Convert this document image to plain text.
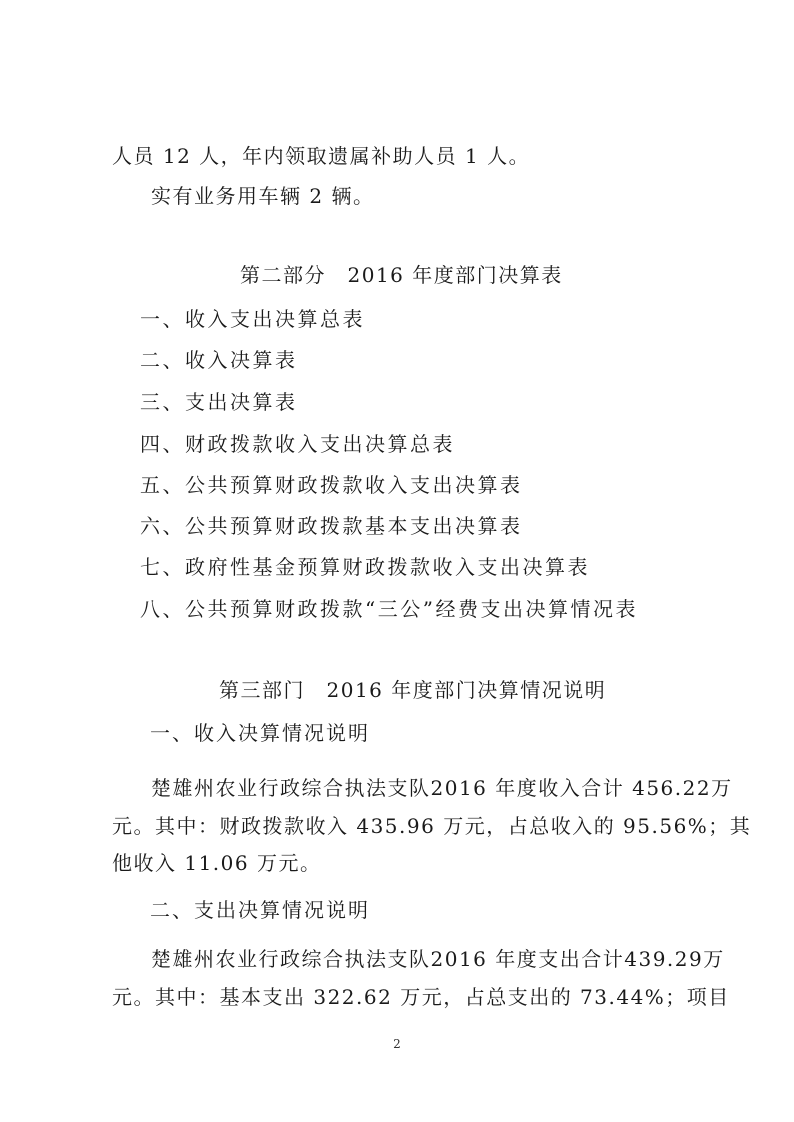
人员 12 人，年内领取遗属补助人员 1 人。
实有业务用车辆 2 辆。
第二部分　2016 年度部门决算表
一、收入支出决算总表
二、收入决算表
三、支出决算表
四、财政拨款收入支出决算总表
五、公共预算财政拨款收入支出决算表
六、公共预算财政拨款基本支出决算表
七、政府性基金预算财政拨款收入支出决算表
八、公共预算财政拨款“三公”经费支出决算情况表
第三部门　2016 年度部门决算情况说明
一、收入决算情况说明
楚雄州农业行政综合执法支队2016 年度收入合计 456.22万
元。其中：财政拨款收入 435.96 万元，占总收入的 95.56%；其
他收入 11.06 万元。
二、支出决算情况说明
楚雄州农业行政综合执法支队2016 年度支出合计439.29万
元。其中：基本支出 322.62 万元，占总支出的 73.44%；项目
2
